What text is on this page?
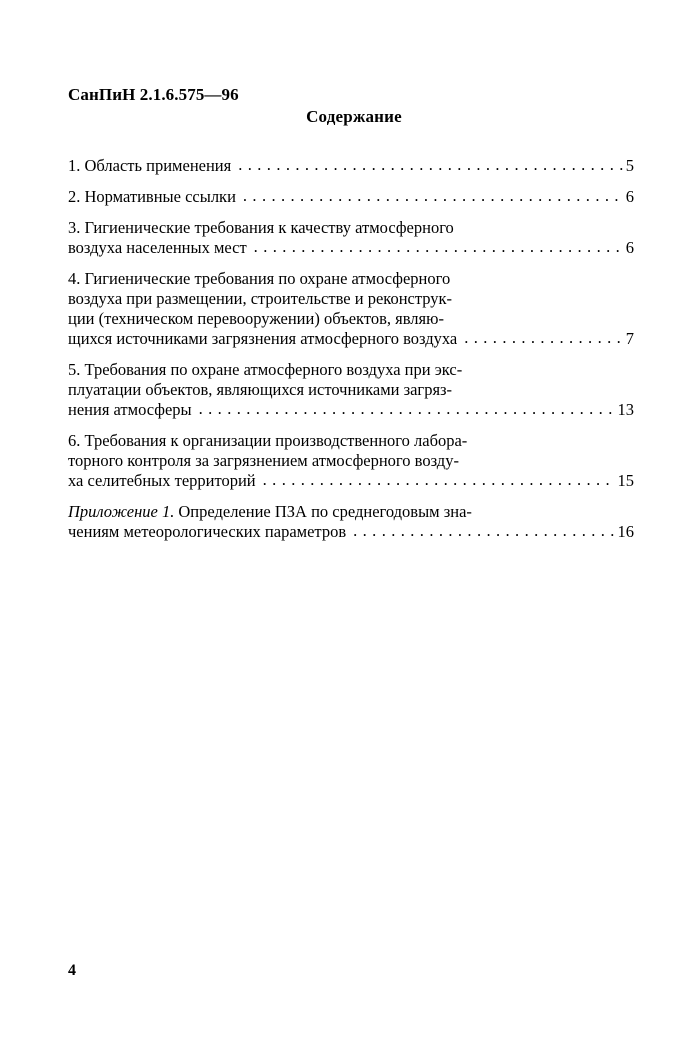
СанПиН 2.1.6.575—96
Содержание
1. Область применения .....	5
2. Нормативные ссылки .....	6
3. Гигиенические требования к качеству атмосферного
воздуха населенных мест .....	6
4. Гигиенические требования по охране атмосферного
воздуха при размещении, строительстве и реконструк-
ции (техническом перевооружении) объектов, являю-
щихся источниками загрязнения атмосферного воздуха .....	7
5. Требования по охране атмосферного воздуха при экс-
плуатации объектов, являющихся источниками загряз-
нения атмосферы .....	13
6. Требования к организации производственного лабора-
торного контроля за загрязнением атмосферного возду-
ха селитебных территорий .....	15
Приложение 1. Определение ПЗА по среднегодовым зна-
чениям метеорологических параметров .....	16
4
